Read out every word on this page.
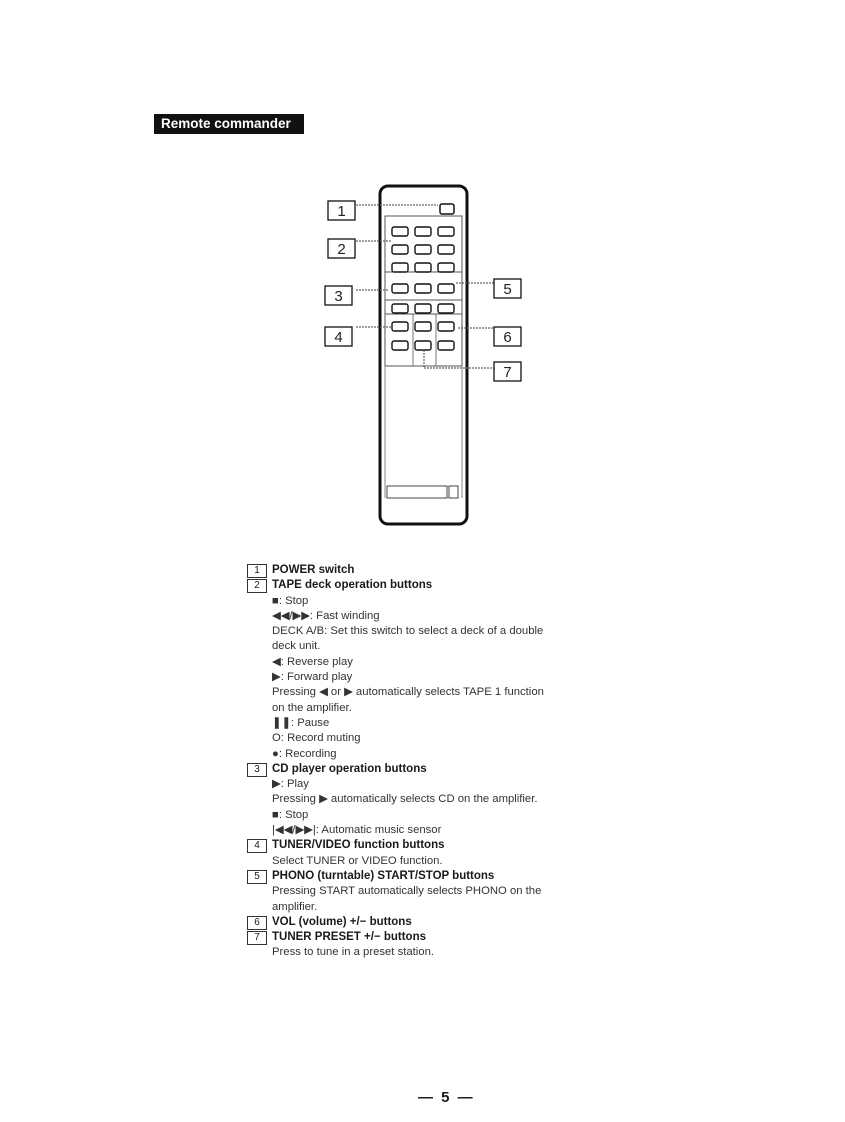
Remote commander
1
2
3
4
5
6
7
1	POWER switch
2	TAPE deck operation buttons
■: Stop
◀◀/▶▶: Fast winding
DECK A/B: Set this switch to select a deck of a double
deck unit.
◀: Reverse play
▶: Forward play
Pressing ◀ or ▶ automatically selects TAPE 1 function
on the amplifier.
❚❚: Pause
O: Record muting
●: Recording
3	CD player operation buttons
▶: Play
Pressing ▶ automatically selects CD on the amplifier.
■: Stop
|◀◀/▶▶|: Automatic music sensor
4	TUNER/VIDEO function buttons
Select TUNER or VIDEO function.
5	PHONO (turntable) START/STOP buttons
Pressing START automatically selects PHONO on the
amplifier.
6	VOL (volume) +/− buttons
7	TUNER PRESET +/− buttons
Press to tune in a preset station.
— 5 —
